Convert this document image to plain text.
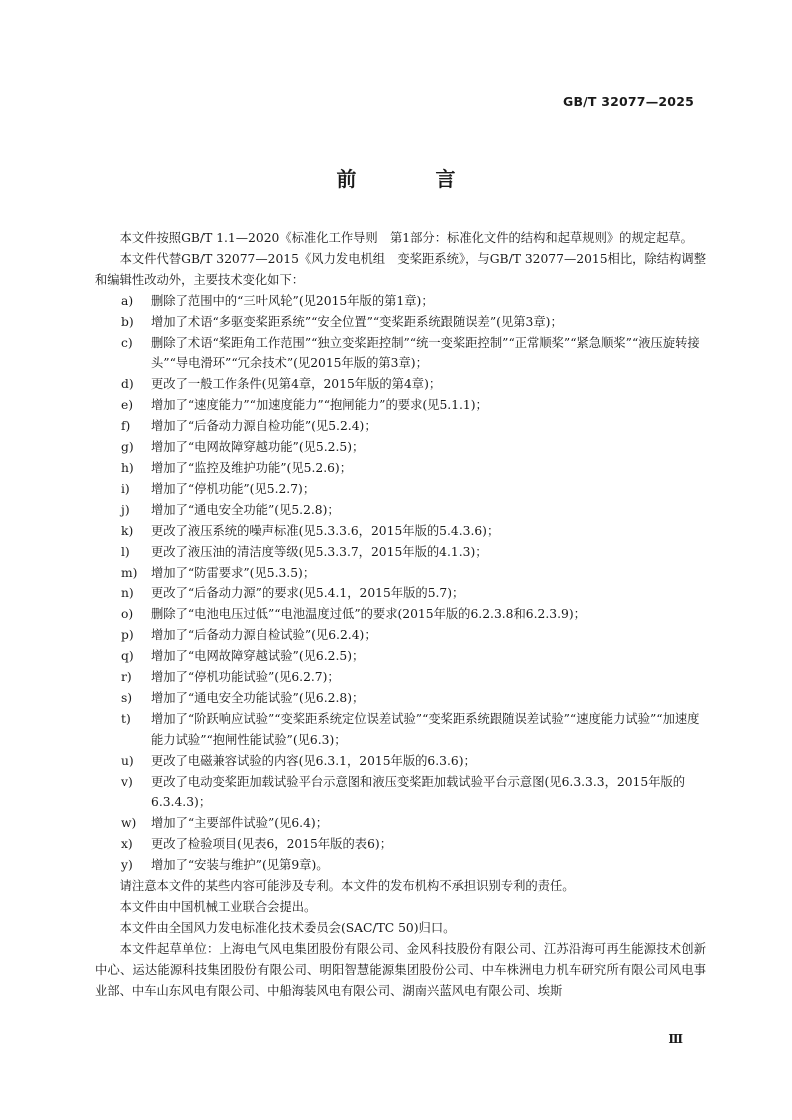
GB/T 32077—2025
前 言

本文件按照GB/T 1.1—2020《标准化工作导则　第1部分：标准化文件的结构和起草规则》的规定起草。

本文件代替GB/T 32077—2015《风力发电机组　变桨距系统》，与GB/T 32077—2015相比，除结构调整和编辑性改动外，主要技术变化如下：

a) 删除了范围中的“三叶风轮”(见2015年版的第1章)；
b) 增加了术语“多驱变桨距系统”“安全位置”“变桨距系统跟随误差”(见第3章)；
c) 删除了术语“桨距角工作范围”“独立变桨距控制”“统一变桨距控制”“正常顺桨”“紧急顺桨”“液压旋转接头”“导电滑环”“冗余技术”(见2015年版的第3章)；
d) 更改了一般工作条件(见第4章，2015年版的第4章)；
e) 增加了“速度能力”“加速度能力”“抱闸能力”的要求(见5.1.1)；
f) 增加了“后备动力源自检功能”(见5.2.4)；
g) 增加了“电网故障穿越功能”(见5.2.5)；
h) 增加了“监控及维护功能”(见5.2.6)；
i) 增加了“停机功能”(见5.2.7)；
j) 增加了“通电安全功能”(见5.2.8)；
k) 更改了液压系统的噪声标准(见5.3.3.6，2015年版的5.4.3.6)；
l) 更改了液压油的清洁度等级(见5.3.3.7，2015年版的4.1.3)；
m) 增加了“防雷要求”(见5.3.5)；
n) 更改了“后备动力源”的要求(见5.4.1，2015年版的5.7)；
o) 删除了“电池电压过低”“电池温度过低”的要求(2015年版的6.2.3.8和6.2.3.9)；
p) 增加了“后备动力源自检试验”(见6.2.4)；
q) 增加了“电网故障穿越试验”(见6.2.5)；
r) 增加了“停机功能试验”(见6.2.7)；
s) 增加了“通电安全功能试验”(见6.2.8)；
t) 增加了“阶跃响应试验”“变桨距系统定位误差试验”“变桨距系统跟随误差试验”“速度能力试验”“加速度能力试验”“抱闸性能试验”(见6.3)；
u) 更改了电磁兼容试验的内容(见6.3.1，2015年版的6.3.6)；
v) 更改了电动变桨距加载试验平台示意图和液压变桨距加载试验平台示意图(见6.3.3.3，2015年版的6.3.4.3)；
w) 增加了“主要部件试验”(见6.4)；
x) 更改了检验项目(见表6，2015年版的表6)；
y) 增加了“安装与维护”(见第9章)。

请注意本文件的某些内容可能涉及专利。本文件的发布机构不承担识别专利的责任。

本文件由中国机械工业联合会提出。

本文件由全国风力发电标准化技术委员会(SAC/TC 50)归口。

本文件起草单位：上海电气风电集团股份有限公司、金风科技股份有限公司、江苏沿海可再生能源技术创新中心、运达能源科技集团股份有限公司、明阳智慧能源集团股份公司、中车株洲电力机车研究所有限公司风电事业部、中车山东风电有限公司、中船海装风电有限公司、湖南兴蓝风电有限公司、埃斯

Ⅲ
